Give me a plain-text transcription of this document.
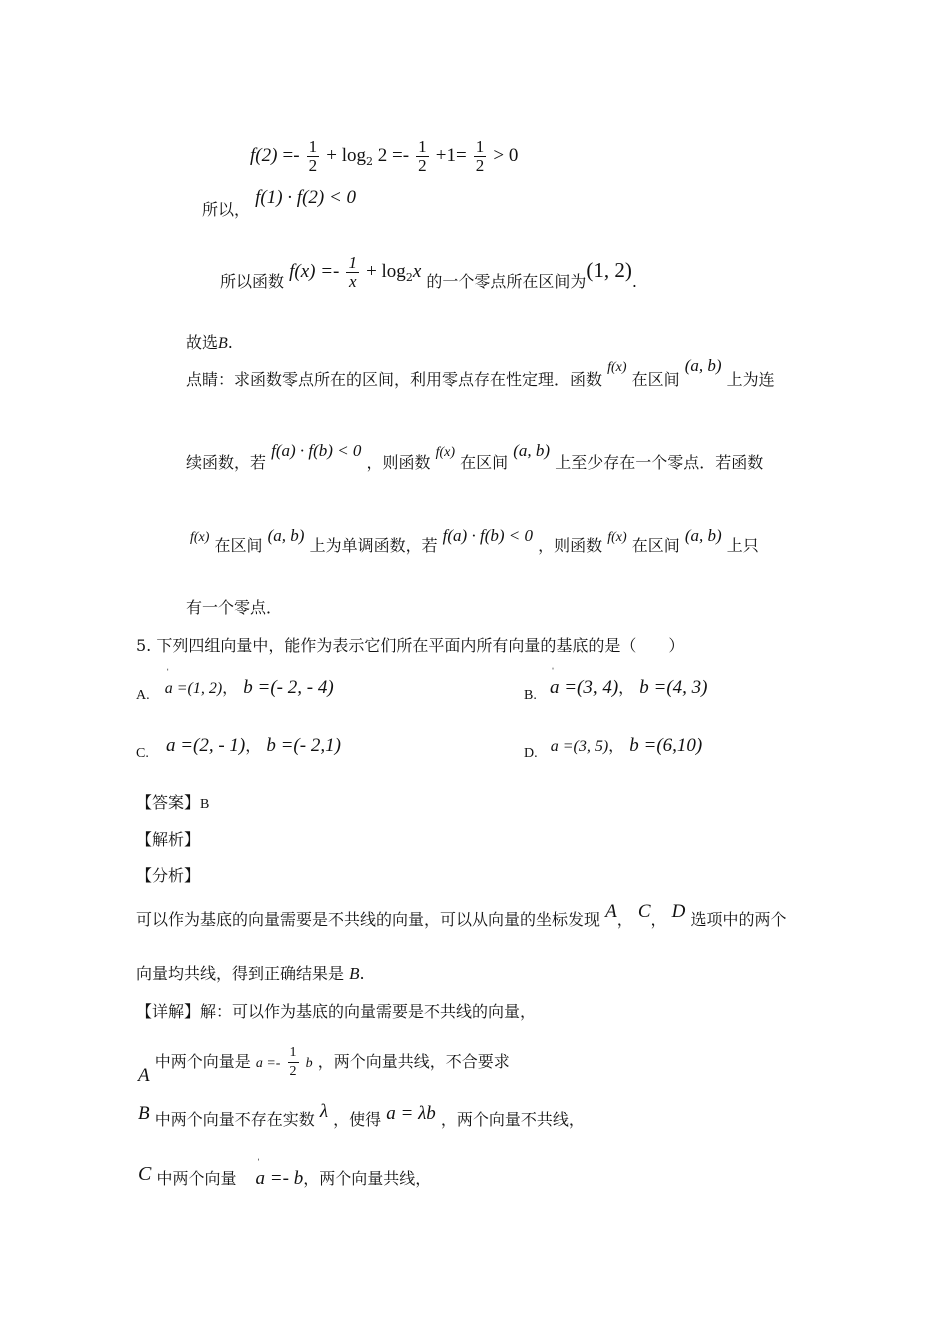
$f(2) =- \frac{1}{2} + \log_2 2 =- \frac{1}{2} +1= \frac{1}{2} > 0$
所以， f(1) · f(2) < 0
所以函数 $f(x) =- \frac{1}{x} + \log_2x$ 的一个零点所在区间为(1, 2).
故选B.
点睛：求函数零点所在的区间，利用零点存在性定理．函数 f(x) 在区间 (a, b) 上为连
续函数，若 f(a) · f(b) < 0 ，则函数 f(x) 在区间 (a, b) 上至少存在一个零点．若函数
f(x) 在区间 (a, b) 上为单调函数，若 f(a) · f(b) < 0 ，则函数 f(x) 在区间 (a, b) 上只
有一个零点．
5. 下列四组向量中，能作为表示它们所在平面内所有向量的基底的是（　　）
A. ˈ a =(1, 2)， b =(- 2, - 4)	B. ˈ a =(3, 4)， b =(4, 3)
C. a =(2, - 1)， b =(- 2,1)	D. a =(3, 5)， b =(6,10)
【答案】B
【解析】
【分析】
可以作为基底的向量需要是不共线的向量，可以从向量的坐标发现 A， C， D 选项中的两个
向量均共线，得到正确结果是 B.
【详解】解：可以作为基底的向量需要是不共线的向量，
A 中两个向量是 $a =- \frac{1}{2}$ b ，两个向量共线，不合要求
B 中两个向量不存在实数 λ ，使得 a = λb ，两个向量不共线，
C 中两个向量 ˈ a =- b，两个向量共线，
